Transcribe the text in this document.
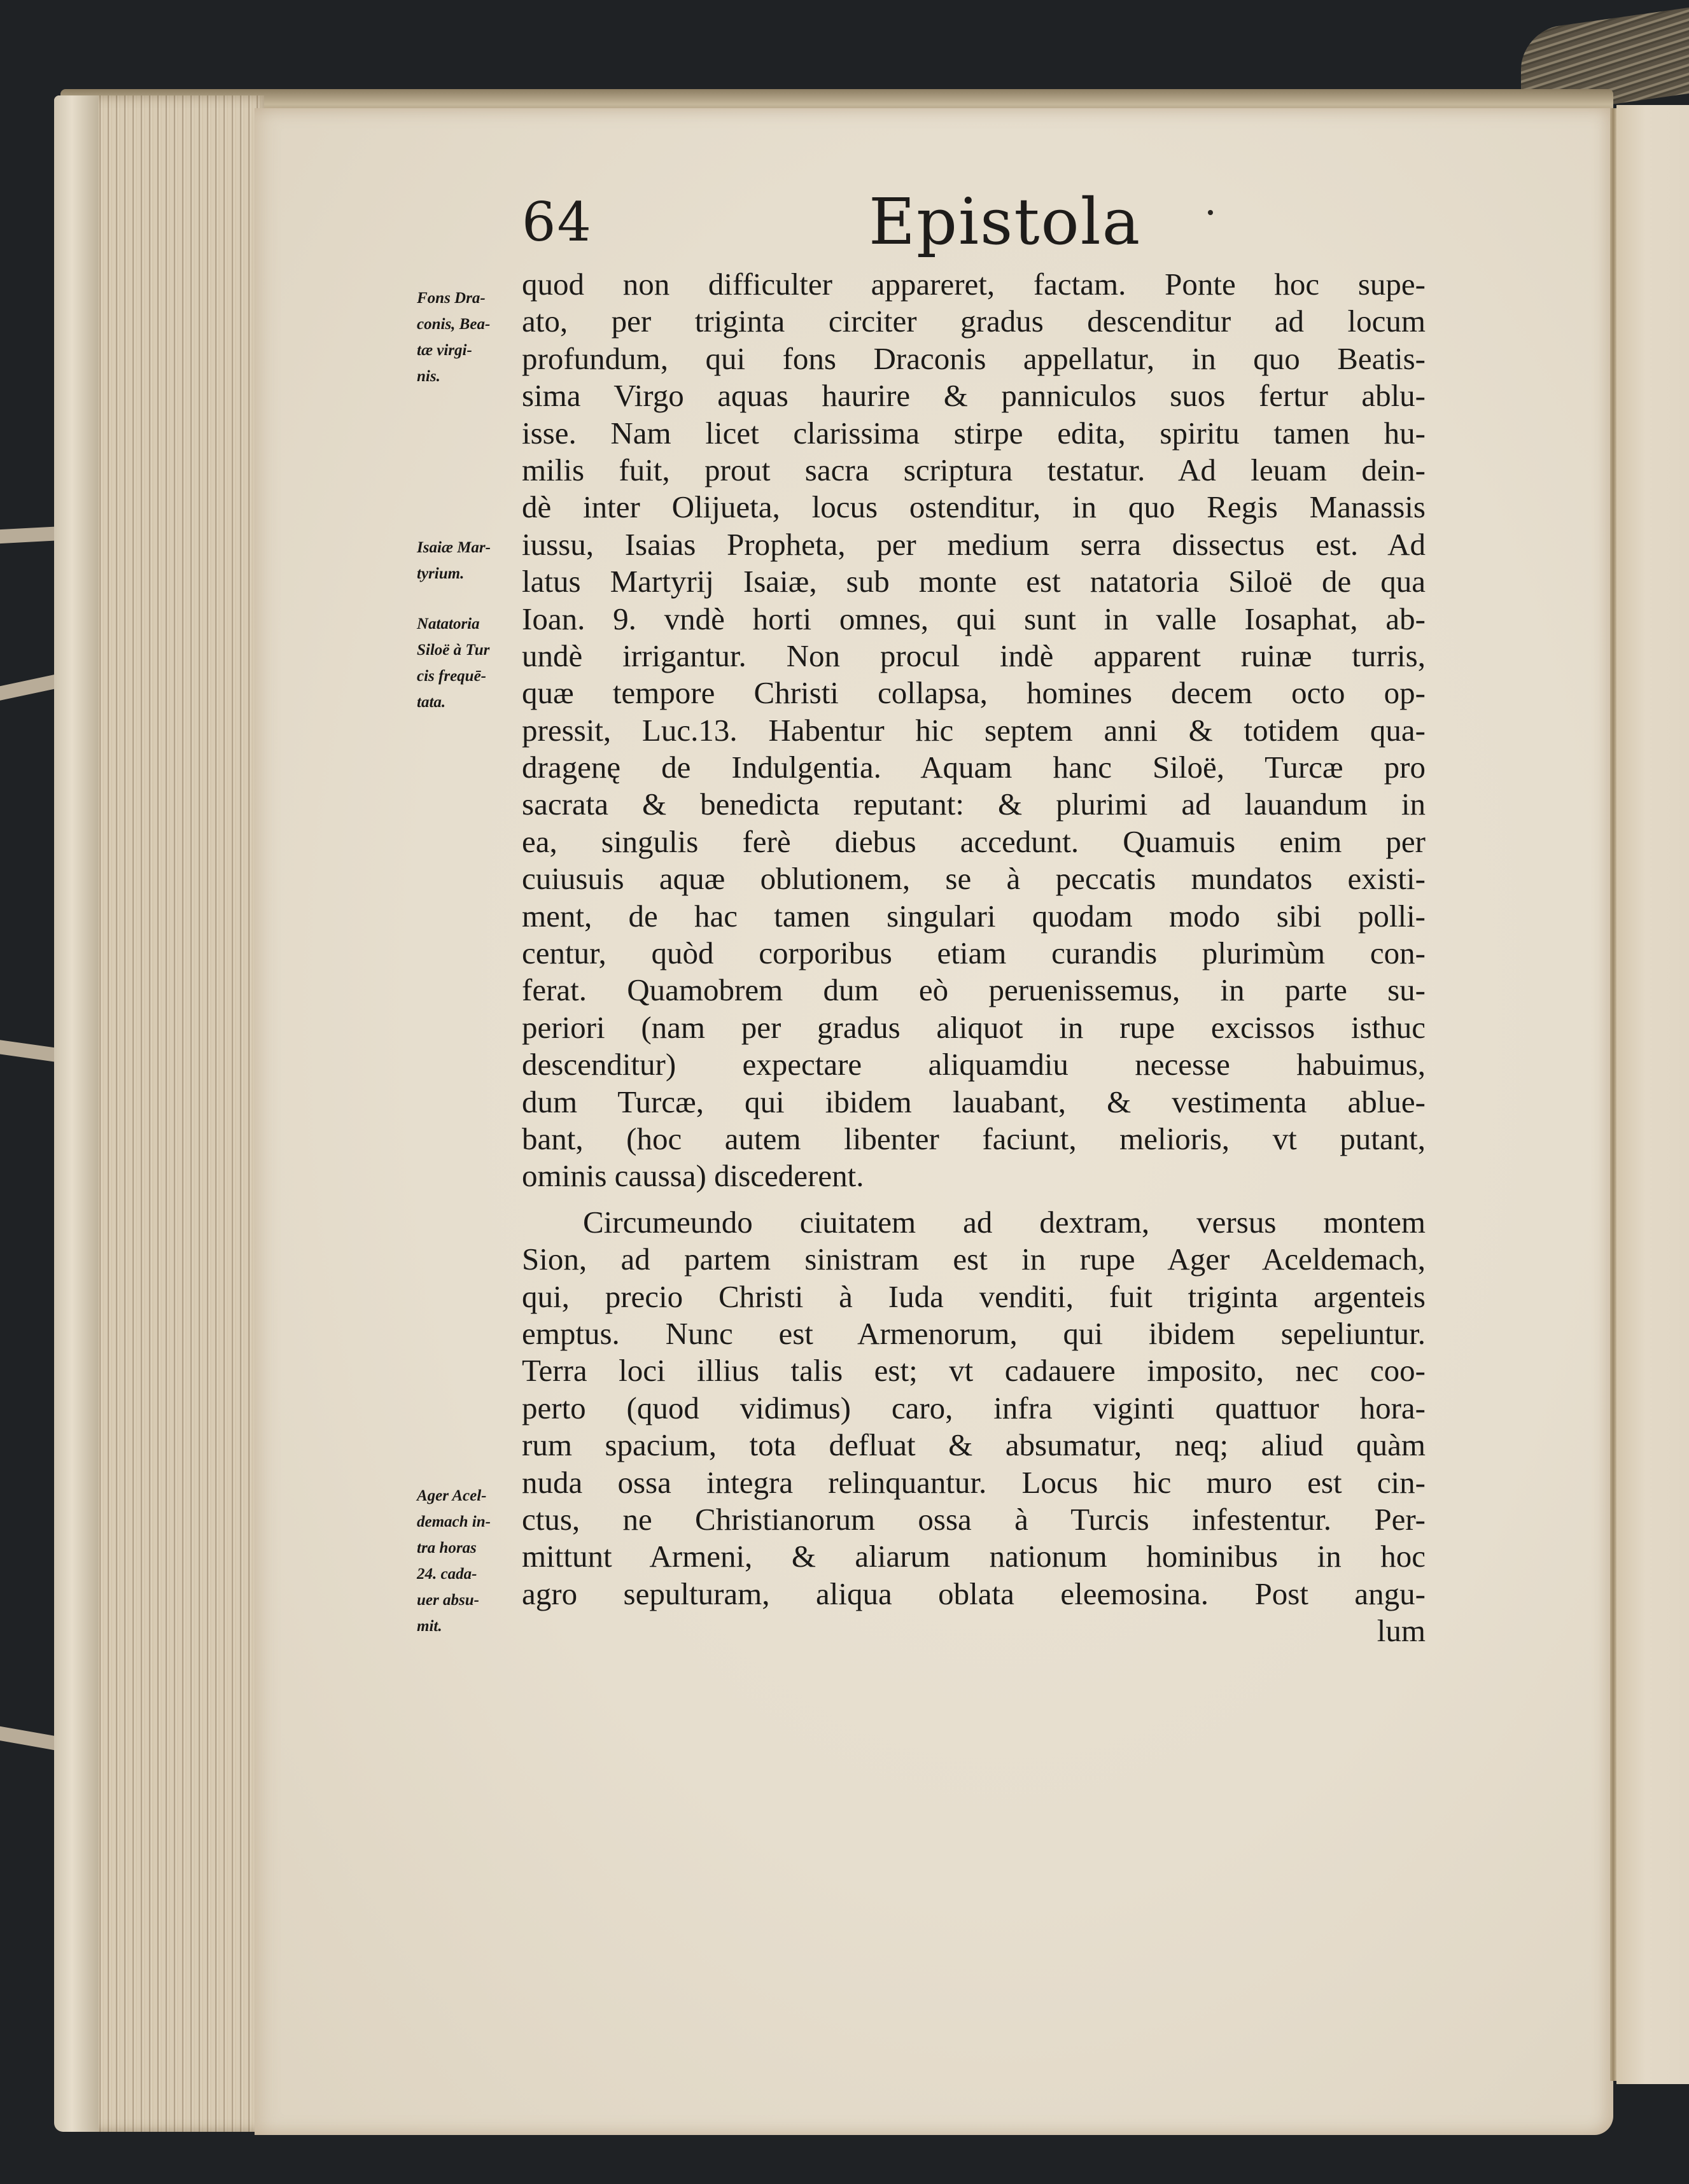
64	Epistola
Fons Dra-
conis, Bea-
tæ virgi-
nis.
Isaiæ Mar-
tyrium.
Natatoria
Siloë à Tur
cis frequē-
tata.
Ager Acel-
demach in-
tra horas
24. cada-
uer absu-
mit.
quod non difficulter appareret, factam. Ponte hoc supe-
ato, per triginta circiter gradus descenditur ad locum
profundum, qui fons Draconis appellatur, in quo Beatis-
sima Virgo aquas haurire & panniculos suos fertur ablu-
isse. Nam licet clarissima stirpe edita, spiritu tamen hu-
milis fuit, prout sacra scriptura testatur. Ad leuam dein-
dè inter Olijueta, locus ostenditur, in quo Regis Manassis
iussu, Isaias Propheta, per medium serra dissectus est. Ad
latus Martyrij Isaiæ, sub monte est natatoria Siloë de qua
Ioan. 9. vndè horti omnes, qui sunt in valle Iosaphat, ab-
undè irrigantur. Non procul indè apparent ruinæ turris,
quæ tempore Christi collapsa, homines decem octo op-
pressit, Luc.13. Habentur hic septem anni & totidem qua-
dragenę de Indulgentia. Aquam hanc Siloë, Turcæ pro
sacrata & benedicta reputant: & plurimi ad lauandum in
ea, singulis ferè diebus accedunt. Quamuis enim per
cuiusuis aquæ oblutionem, se à peccatis mundatos existi-
ment, de hac tamen singulari quodam modo sibi polli-
centur, quòd corporibus etiam curandis plurimùm con-
ferat. Quamobrem dum eò peruenissemus, in parte su-
periori (nam per gradus aliquot in rupe excissos isthuc
descenditur) expectare aliquamdiu necesse habuimus,
dum Turcæ, qui ibidem lauabant, & vestimenta ablue-
bant, (hoc autem libenter faciunt, melioris, vt putant,
ominis caussa) discederent.
Circumeundo ciuitatem ad dextram, versus montem
Sion, ad partem sinistram est in rupe Ager Aceldemach,
qui, precio Christi à Iuda venditi, fuit triginta argenteis
emptus. Nunc est Armenorum, qui ibidem sepeliuntur.
Terra loci illius talis est; vt cadauere imposito, nec coo-
perto (quod vidimus) caro, infra viginti quattuor hora-
rum spacium, tota defluat & absumatur, neq; aliud quàm
nuda ossa integra relinquantur. Locus hic muro est cin-
ctus, ne Christianorum ossa à Turcis infestentur. Per-
mittunt Armeni, & aliarum nationum hominibus in hoc
agro sepulturam, aliqua oblata eleemosina. Post angu-
lum
